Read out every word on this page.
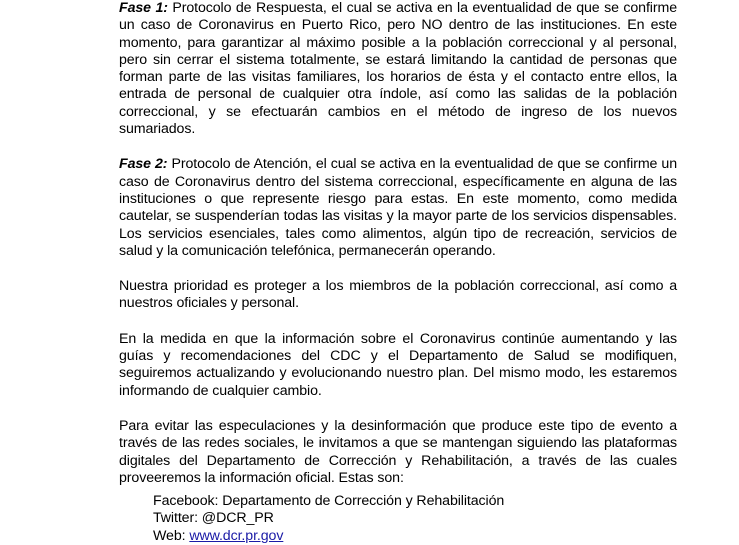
Fase 1: Protocolo de Respuesta, el cual se activa en la eventualidad de que se confirme un caso de Coronavirus en Puerto Rico, pero NO dentro de las instituciones. En este momento, para garantizar al máximo posible a la población correccional y al personal, pero sin cerrar el sistema totalmente, se estará limitando la cantidad de personas que forman parte de las visitas familiares, los horarios de ésta y el contacto entre ellos, la entrada de personal de cualquier otra índole, así como las salidas de la población correccional, y se efectuarán cambios en el método de ingreso de los nuevos sumariados.

Fase 2: Protocolo de Atención, el cual se activa en la eventualidad de que se confirme un caso de Coronavirus dentro del sistema correccional, específicamente en alguna de las instituciones o que represente riesgo para estas. En este momento, como medida cautelar, se suspenderían todas las visitas y la mayor parte de los servicios dispensables. Los servicios esenciales, tales como alimentos, algún tipo de recreación, servicios de salud y la comunicación telefónica, permanecerán operando.

Nuestra prioridad es proteger a los miembros de la población correccional, así como a nuestros oficiales y personal.

En la medida en que la información sobre el Coronavirus continúe aumentando y las guías y recomendaciones del CDC y el Departamento de Salud se modifiquen, seguiremos actualizando y evolucionando nuestro plan. Del mismo modo, les estaremos informando de cualquier cambio.

Para evitar las especulaciones y la desinformación que produce este tipo de evento a través de las redes sociales, le invitamos a que se mantengan siguiendo las plataformas digitales del Departamento de Corrección y Rehabilitación, a través de las cuales proveeremos la información oficial. Estas son:

Facebook: Departamento de Corrección y Rehabilitación
Twitter: @DCR_PR
Web: www.dcr.pr.gov
